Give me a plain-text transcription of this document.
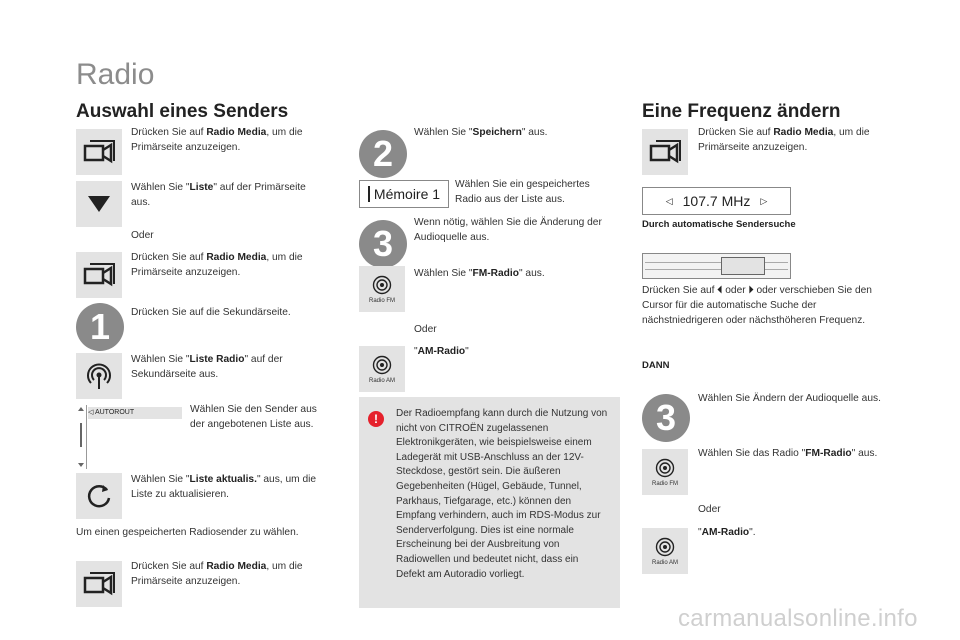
Radio
Auswahl eines Senders	Eine Frequenz ändern
Drücken Sie auf Radio Media, um die Primärseite anzuzeigen.
Wählen Sie "Liste" auf der Primärseite aus.
Oder
Drücken Sie auf Radio Media, um die Primärseite anzuzeigen.
1	Drücken Sie auf die Sekundärseite.
Wählen Sie "Liste Radio" auf der Sekundärseite aus.
◁ AUTOROUT	Wählen Sie den Sender aus der angebotenen Liste aus.
Wählen Sie "Liste aktualis." aus, um die Liste zu aktualisieren.
Um einen gespeicherten Radiosender zu wählen.
Drücken Sie auf Radio Media, um die Primärseite anzuzeigen.
2
Wählen Sie "Speichern" aus.
Mémoire 1
Wählen Sie ein gespeichertes Radio aus der Liste aus.
3
Wenn nötig, wählen Sie die Änderung der Audioquelle aus.
Radio FM
Wählen Sie "FM-Radio" aus.
Oder
Radio AM
"AM-Radio"
!	Der Radioempfang kann durch die Nutzung von nicht von CITROËN zugelassenen Elektronikgeräten, wie beispielsweise einem Ladegerät mit USB-Anschluss an der 12V-Steckdose, gestört sein. Die äußeren Gegebenheiten (Hügel, Gebäude, Tunnel, Parkhaus, Tiefgarage, etc.) können den Empfang verhindern, auch im RDS-Modus zur Senderverfolgung. Dies ist eine normale Erscheinung bei der Ausbreitung von Radiowellen und bedeutet nicht, dass ein Defekt am Autoradio vorliegt.
Drücken Sie auf Radio Media, um die Primärseite anzuzeigen.
◁ 107.7 MHz ▷
Durch automatische Sendersuche
Drücken Sie auf ⏴ oder ⏵ oder verschieben Sie den Cursor für die automatische Suche der nächstniedrigeren oder nächsthöheren Frequenz.
DANN
3	Wählen Sie Ändern der Audioquelle aus.
Radio FM
Wählen Sie das Radio "FM-Radio" aus.
Oder
Radio AM
"AM-Radio".
carmanualsonline.info
